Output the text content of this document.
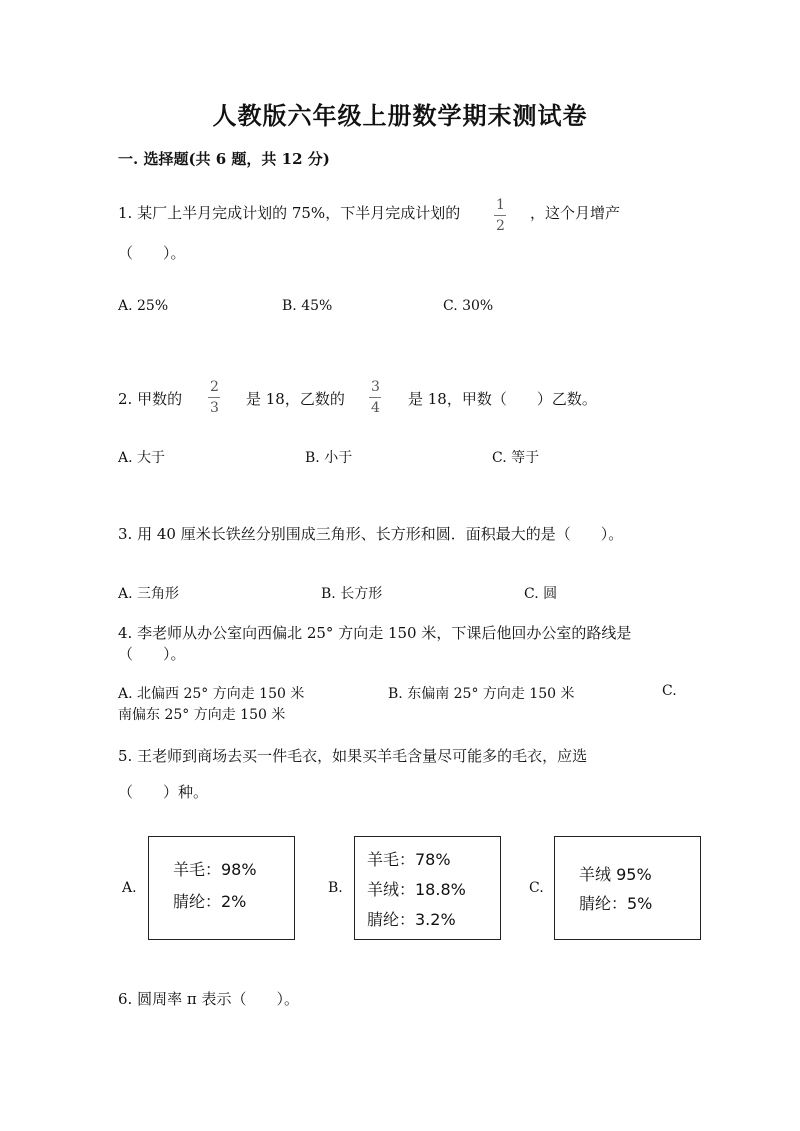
人教版六年级上册数学期末测试卷
一. 选择题(共 6 题，共 12 分)
1. 某厂上半月完成计划的 75%，下半月完成计划的	1
2
，这个月增产
（　　）。
A. 25%	B. 45%	C. 30%
2. 甲数的
2
3 是 18，乙数的
3
4 是 18，甲数（　　）乙数。
A. 大于	B. 小于	C. 等于
3. 用 40 厘米长铁丝分别围成三角形、长方形和圆．面积最大的是（　　）。
A. 三角形	B. 长方形	C. 圆
4. 李老师从办公室向西偏北 25° 方向走 150 米，下课后他回办公室的路线是
（　　）。
A. 北偏西 25° 方向走 150 米	B. 东偏南 25° 方向走 150 米	C.
南偏东 25° 方向走 150 米
5. 王老师到商场去买一件毛衣，如果买羊毛含量尽可能多的毛衣，应选
（　　）种。
A.
羊毛：98%
腈纶：2%
B.
羊毛：78%
羊绒：18.8%
腈纶：3.2%
C.
羊绒 95%
腈纶：5%
6. 圆周率 π 表示（　　）。
